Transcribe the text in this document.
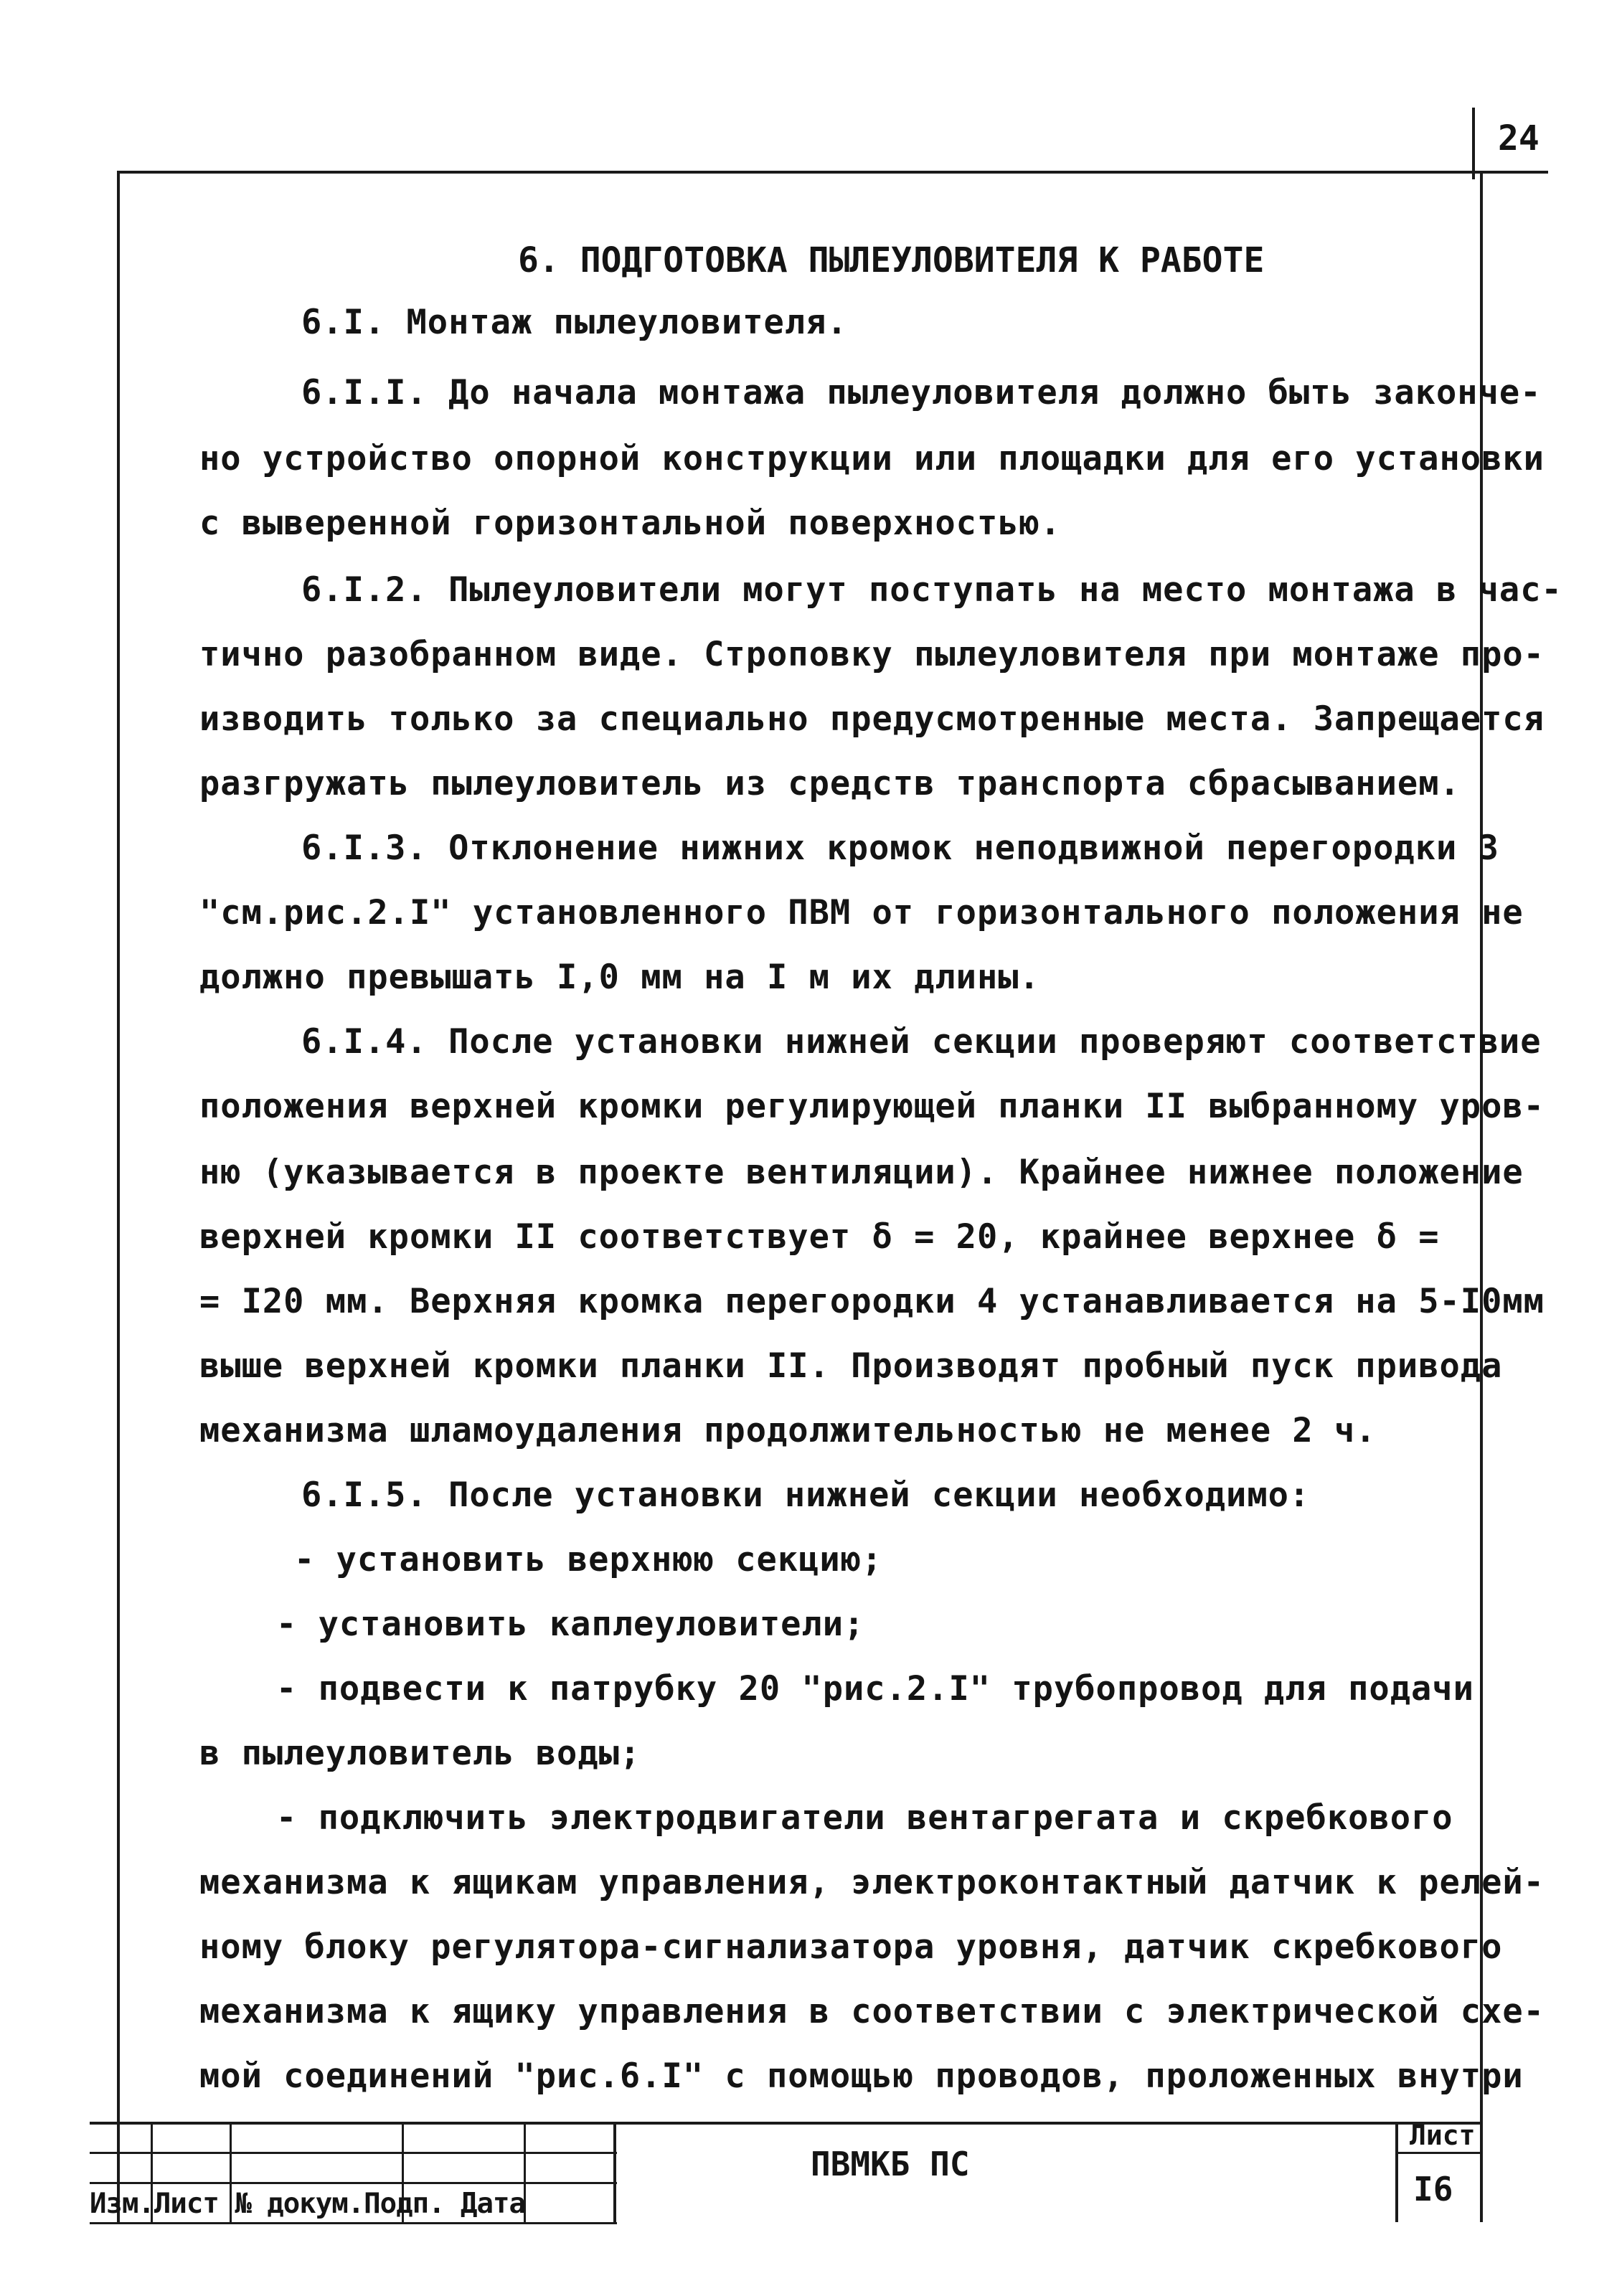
24
6. ПОДГОТОВКА ПЫЛЕУЛОВИТЕЛЯ К РАБОТЕ
6.I. Монтаж пылеуловителя.
6.I.I. До начала монтажа пылеуловителя должно быть законче-
но устройство опорной конструкции или площадки для его установки
с выверенной горизонтальной поверхностью.
6.I.2. Пылеуловители могут поступать на место монтажа в час-
тично разобранном виде. Строповку пылеуловителя при монтаже про-
изводить только за специально предусмотренные места. Запрещается
разгружать пылеуловитель из средств транспорта сбрасыванием.
6.I.3. Отклонение нижних кромок неподвижной перегородки 3
"см.рис.2.I" установленного ПВМ от горизонтального положения не
должно превышать I,0 мм на I м их длины.
6.I.4. После установки нижней секции проверяют соответствие
положения верхней кромки регулирующей планки II выбранному уров-
ню (указывается в проекте вентиляции). Крайнее нижнее положение
верхней кромки II соответствует δ = 20, крайнее верхнее δ =
= I20 мм. Верхняя кромка перегородки 4 устанавливается на 5-I0мм
выше верхней кромки планки II. Производят пробный пуск привода
механизма шламоудаления продолжительностью не менее 2 ч.
6.I.5. После установки нижней секции необходимо:
- установить верхнюю секцию;
- установить каплеуловители;
- подвести к патрубку 20 "рис.2.I" трубопровод для подачи
в пылеуловитель воды;
- подключить электродвигатели вентагрегата и скребкового
механизма к ящикам управления, электроконтактный датчик к релей-
ному блоку регулятора-сигнализатора уровня, датчик скребкового
механизма к ящику управления в соответствии с электрической схе-
мой соединений "рис.6.I" с помощью проводов, проложенных внутри
Изм.Лист № докум.Подп. Дата
ПВМКБ ПС
Лист
I6
